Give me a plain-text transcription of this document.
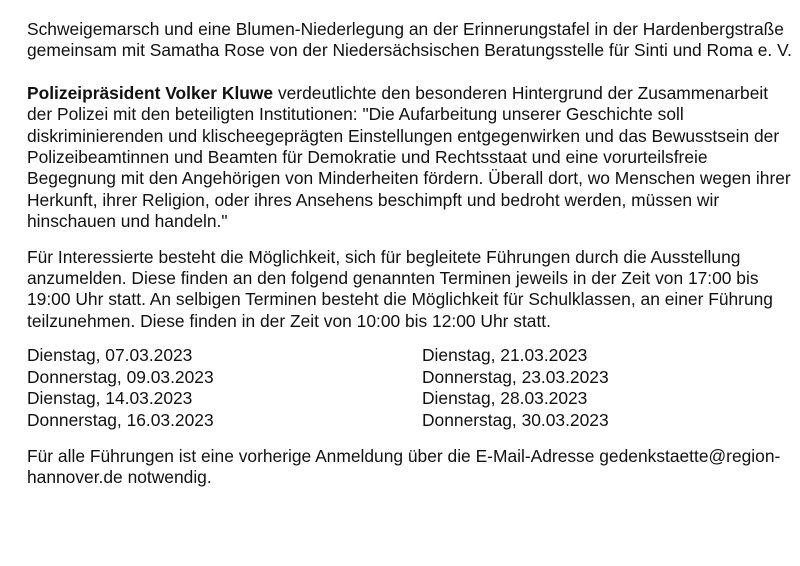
Schweigemarsch und eine Blumen-Niederlegung an der Erinnerungstafel in der Hardenbergstraße gemeinsam mit Samatha Rose von der Niedersächsischen Beratungsstelle für Sinti und Roma e. V.

Polizeipräsident Volker Kluwe verdeutlichte den besonderen Hintergrund der Zusammenarbeit der Polizei mit den beteiligten Institutionen: "Die Aufarbeitung unserer Geschichte soll diskriminierenden und klischeegeprägten Einstellungen entgegenwirken und das Bewusstsein der Polizeibeamtinnen und Beamten für Demokratie und Rechtsstaat und eine vorurteilsfreie Begegnung mit den Angehörigen von Minderheiten fördern. Überall dort, wo Menschen wegen ihrer Herkunft, ihrer Religion, oder ihres Ansehens beschimpft und bedroht werden, müssen wir hinschauen und handeln."

Für Interessierte besteht die Möglichkeit, sich für begleitete Führungen durch die Ausstellung anzumelden. Diese finden an den folgend genannten Terminen jeweils in der Zeit von 17:00 bis 19:00 Uhr statt. An selbigen Terminen besteht die Möglichkeit für Schulklassen, an einer Führung teilzunehmen. Diese finden in der Zeit von 10:00 bis 12:00 Uhr statt.

Dienstag, 07.03.2023
Donnerstag, 09.03.2023
Dienstag, 14.03.2023
Donnerstag, 16.03.2023
Dienstag, 21.03.2023
Donnerstag, 23.03.2023
Dienstag, 28.03.2023
Donnerstag, 30.03.2023

Für alle Führungen ist eine vorherige Anmeldung über die E-Mail-Adresse gedenkstaette@region-hannover.de notwendig.
